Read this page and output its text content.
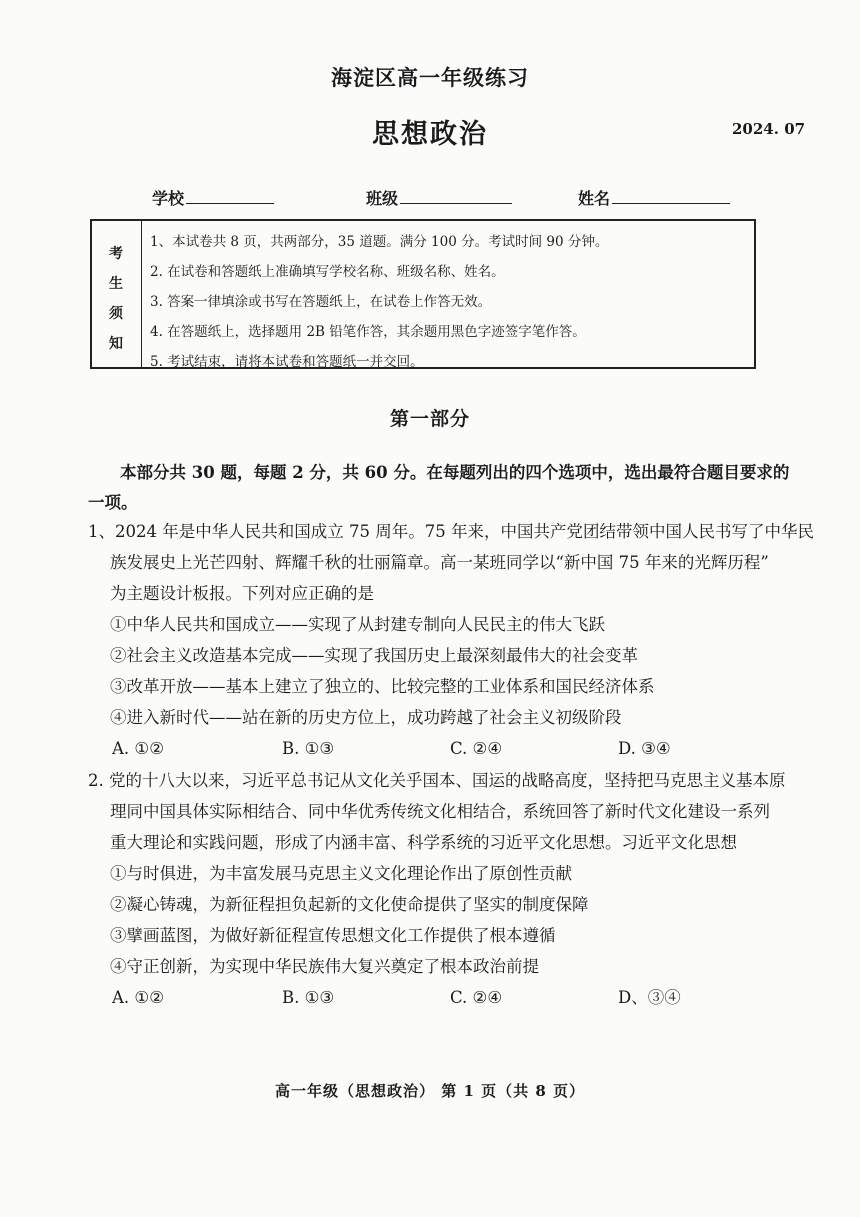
海淀区高一年级练习
思想政治	2024. 07
学校	班级	姓名
考
生
须
知
1、本试卷共 8 页，共两部分，35 道题。满分 100 分。考试时间 90 分钟。
2. 在试卷和答题纸上准确填写学校名称、班级名称、姓名。
3. 答案一律填涂或书写在答题纸上，在试卷上作答无效。
4. 在答题纸上，选择题用 2B 铅笔作答，其余题用黑色字迹签字笔作答。
5. 考试结束，请将本试卷和答题纸一并交回。
第一部分
本部分共 30 题，每题 2 分，共 60 分。在每题列出的四个选项中，选出最符合题目要求的
一项。
1、2024 年是中华人民共和国成立 75 周年。75 年来，中国共产党团结带领中国人民书写了中华民
族发展史上光芒四射、辉耀千秋的壮丽篇章。高一某班同学以“新中国 75 年来的光辉历程”
为主题设计板报。下列对应正确的是
①中华人民共和国成立——实现了从封建专制向人民民主的伟大飞跃
②社会主义改造基本完成——实现了我国历史上最深刻最伟大的社会变革
③改革开放——基本上建立了独立的、比较完整的工业体系和国民经济体系
④进入新时代——站在新的历史方位上，成功跨越了社会主义初级阶段
A. ①②	B. ①③	C. ②④	D. ③④
2. 党的十八大以来，习近平总书记从文化关乎国本、国运的战略高度，坚持把马克思主义基本原
理同中国具体实际相结合、同中华优秀传统文化相结合，系统回答了新时代文化建设一系列
重大理论和实践问题，形成了内涵丰富、科学系统的习近平文化思想。习近平文化思想
①与时俱进，为丰富发展马克思主义文化理论作出了原创性贡献
②凝心铸魂，为新征程担负起新的文化使命提供了坚实的制度保障
③擘画蓝图，为做好新征程宣传思想文化工作提供了根本遵循
④守正创新，为实现中华民族伟大复兴奠定了根本政治前提
A. ①②	B. ①③	C. ②④	D、③④
高一年级（思想政治） 第 1 页（共 8 页）
